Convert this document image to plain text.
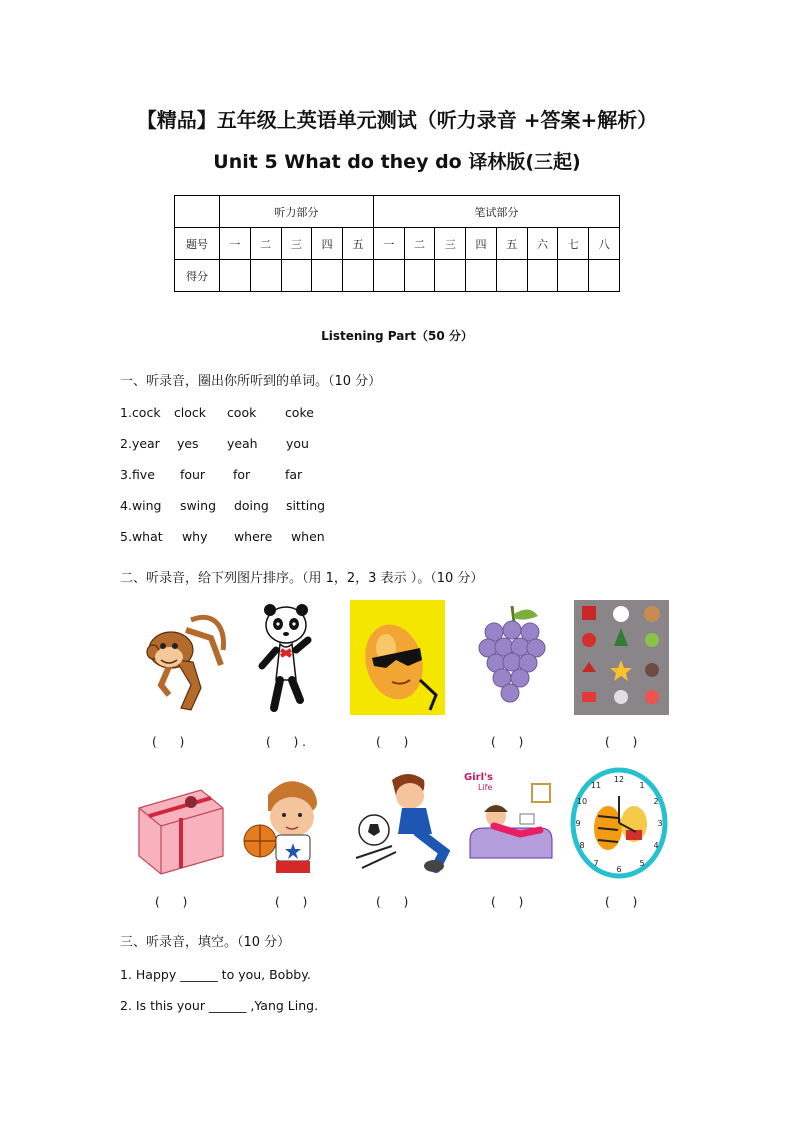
【精品】五年级上英语单元测试（听力录音 +答案+解析）
Unit 5 What do they do 译林版(三起)
	听力部分					笔试部分							
题号	一	二	三	四	五	一	二	三	四	五	六	七	八
得分													
Listening Part（50 分）
一、听录音，圈出你所听到的单词。（10 分）
1.cock clock cook coke
2.year yes yeah you
3.five four for	far
4.wing swing doing sitting
5.what why where when
二、听录音，给下列图片排序。（用 1，2，3 表示 ）。（10 分）
(      )	(      ) .	(      )	(      )	(      )
Girl's
Life
12
1
2
3
4
5
6
7
8
9
10
11
(      )	(      )	(      )	(      )	(      )
三、听录音，填空。（10 分）
1. Happy ______ to you, Bobby.
2. Is this your ______ ,Yang Ling.
